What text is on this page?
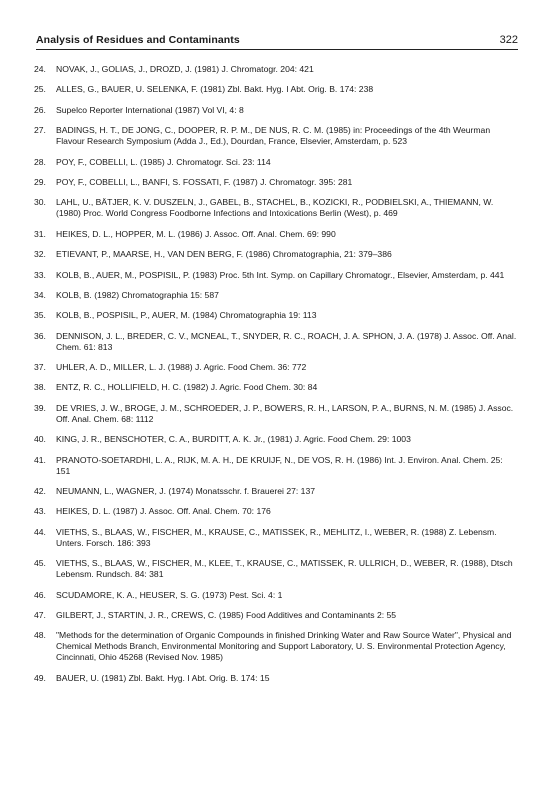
Analysis of Residues and Contaminants	322
24.	NOVAK, J., GOLIAS, J., DROZD, J. (1981) J. Chromatogr. 204: 421
25.	ALLES, G., BAUER, U. SELENKA, F. (1981) Zbl. Bakt. Hyg. I Abt. Orig. B. 174: 238
26.	Supelco Reporter International (1987) Vol VI, 4: 8
27.	BADINGS, H. T., DE JONG, C., DOOPER, R. P. M., DE NUS, R. C. M. (1985) in: Proceedings of the 4th Weurman Flavour Research Symposium (Adda J., Ed.), Dourdan, France, Elsevier, Amsterdam, p. 523
28.	POY, F., COBELLI, L. (1985) J. Chromatogr. Sci. 23: 114
29.	POY, F., COBELLI, L., BANFI, S. FOSSATI, F. (1987) J. Chromatogr. 395: 281
30.	LAHL, U., BÄTJER, K. V. DUSZELN, J., GABEL, B., STACHEL, B., KOZICKI, R., PODBIELSKI, A., THIEMANN, W. (1980) Proc. World Congress Foodborne Infections and Intoxications Berlin (West), p. 469
31.	HEIKES, D. L., HOPPER, M. L. (1986) J. Assoc. Off. Anal. Chem. 69: 990
32.	ETIEVANT, P., MAARSE, H., VAN DEN BERG, F. (1986) Chromatographia, 21: 379–386
33.	KOLB, B., AUER, M., POSPISIL, P. (1983) Proc. 5th Int. Symp. on Capillary Chromatogr., Elsevier, Amsterdam, p. 441
34.	KOLB, B. (1982) Chromatographia 15: 587
35.	KOLB, B., POSPISIL, P., AUER, M. (1984) Chromatographia 19: 113
36.	DENNISON, J. L., BREDER, C. V., MCNEAL, T., SNYDER, R. C., ROACH, J. A. SPHON, J. A. (1978) J. Assoc. Off. Anal. Chem. 61: 813
37.	UHLER, A. D., MILLER, L. J. (1988) J. Agric. Food Chem. 36: 772
38.	ENTZ, R. C., HOLLIFIELD, H. C. (1982) J. Agric. Food Chem. 30: 84
39.	DE VRIES, J. W., BROGE, J. M., SCHROEDER, J. P., BOWERS, R. H., LARSON, P. A., BURNS, N. M. (1985) J. Assoc. Off. Anal. Chem. 68: 1112
40.	KING, J. R., BENSCHOTER, C. A., BURDITT, A. K. Jr., (1981) J. Agric. Food Chem. 29: 1003
41.	PRANOTO-SOETARDHI, L. A., RIJK, M. A. H., DE KRUIJF, N., DE VOS, R. H. (1986) Int. J. Environ. Anal. Chem. 25: 151
42.	NEUMANN, L., WAGNER, J. (1974) Monatsschr. f. Brauerei 27: 137
43.	HEIKES, D. L. (1987) J. Assoc. Off. Anal. Chem. 70: 176
44.	VIETHS, S., BLAAS, W., FISCHER, M., KRAUSE, C., MATISSEK, R., MEHLITZ, I., WEBER, R. (1988) Z. Lebensm. Unters. Forsch. 186: 393
45.	VIETHS, S., BLAAS, W., FISCHER, M., KLEE, T., KRAUSE, C., MATISSEK, R. ULLRICH, D., WEBER, R. (1988), Dtsch Lebensm. Rundsch. 84: 381
46.	SCUDAMORE, K. A., HEUSER, S. G. (1973) Pest. Sci. 4: 1
47.	GILBERT, J., STARTIN, J. R., CREWS, C. (1985) Food Additives and Contaminants 2: 55
48.	"Methods for the determination of Organic Compounds in finished Drinking Water and Raw Source Water", Physical and Chemical Methods Branch, Environmental Monitoring and Support Laboratory, U. S. Environmental Protection Agency, Cincinnati, Ohio 45268 (Revised Nov. 1985)
49.	BAUER, U. (1981) Zbl. Bakt. Hyg. I Abt. Orig. B. 174: 15
